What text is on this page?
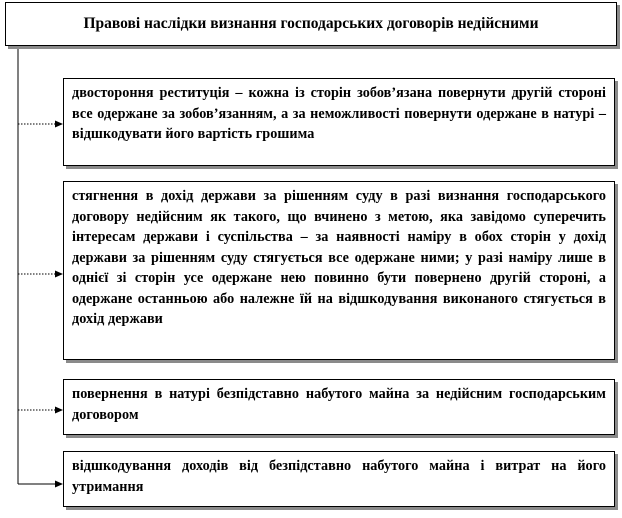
Правові наслідки визнання господарських договорів недійсними
двостороння реституція – кожна із сторін зобов’язана повернути другій стороні все одержане за зобов’язанням, а за неможливості повернути одержане в натурі – відшкодувати його вартість грошима
стягнення в дохід держави за рішенням суду в разі визнання господарського договору недійсним як такого, що вчинено з метою, яка завідомо суперечить інтересам держави і суспільства – за наявності наміру в обох сторін у дохід держави за рішенням суду стягується все одержане ними; у разі наміру лише в однієї зі сторін усе одержане нею повинно бути повернено другій стороні, а одержане останньою або належне їй на відшкодування виконаного стягується в дохід держави
повернення в натурі безпідставно набутого майна за недійсним господарським договором
відшкодування доходів від безпідставно набутого майна і витрат на його утримання
